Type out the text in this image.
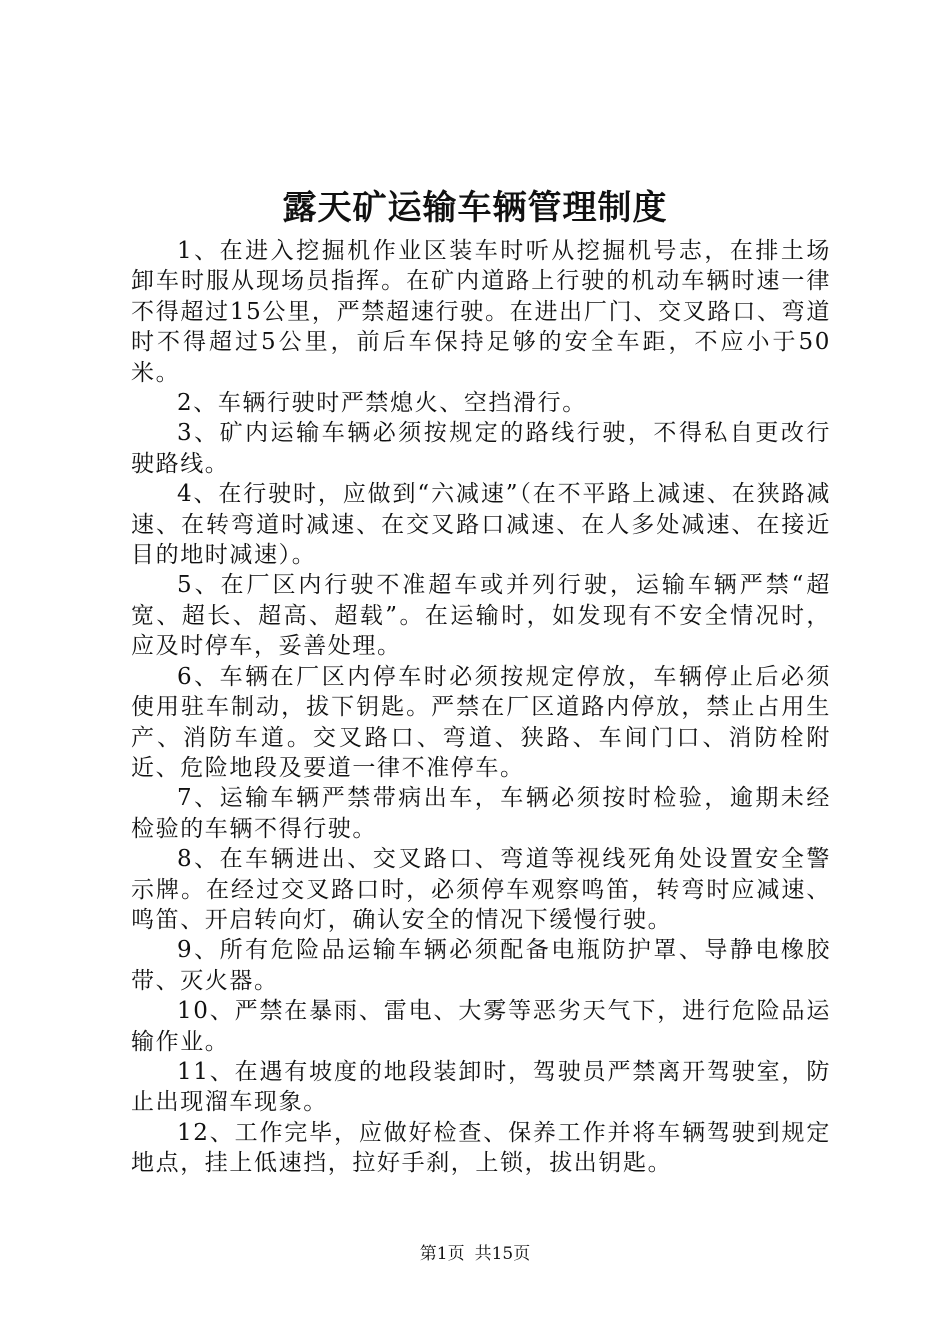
露天矿运输车辆管理制度

1、在进入挖掘机作业区装车时听从挖掘机号志，在排土场卸车时服从现场员指挥。在矿内道路上行驶的机动车辆时速一律不得超过15公里，严禁超速行驶。在进出厂门、交叉路口、弯道时不得超过5公里，前后车保持足够的安全车距，不应小于50米。

2、车辆行驶时严禁熄火、空挡滑行。

3、矿内运输车辆必须按规定的路线行驶，不得私自更改行驶路线。

4、在行驶时，应做到“六减速”（在不平路上减速、在狭路减速、在转弯道时减速、在交叉路口减速、在人多处减速、在接近目的地时减速）。

5、在厂区内行驶不准超车或并列行驶，运输车辆严禁“超宽、超长、超高、超载”。在运输时，如发现有不安全情况时，应及时停车，妥善处理。

6、车辆在厂区内停车时必须按规定停放，车辆停止后必须使用驻车制动，拔下钥匙。严禁在厂区道路内停放，禁止占用生产、消防车道。交叉路口、弯道、狭路、车间门口、消防栓附近、危险地段及要道一律不准停车。

7、运输车辆严禁带病出车，车辆必须按时检验，逾期未经检验的车辆不得行驶。

8、在车辆进出、交叉路口、弯道等视线死角处设置安全警示牌。在经过交叉路口时，必须停车观察鸣笛，转弯时应减速、鸣笛、开启转向灯，确认安全的情况下缓慢行驶。

9、所有危险品运输车辆必须配备电瓶防护罩、导静电橡胶带、灭火器。

10、严禁在暴雨、雷电、大雾等恶劣天气下，进行危险品运输作业。

11、在遇有坡度的地段装卸时，驾驶员严禁离开驾驶室，防止出现溜车现象。

12、工作完毕，应做好检查、保养工作并将车辆驾驶到规定地点，挂上低速挡，拉好手刹，上锁，拔出钥匙。

第1页 共15页
